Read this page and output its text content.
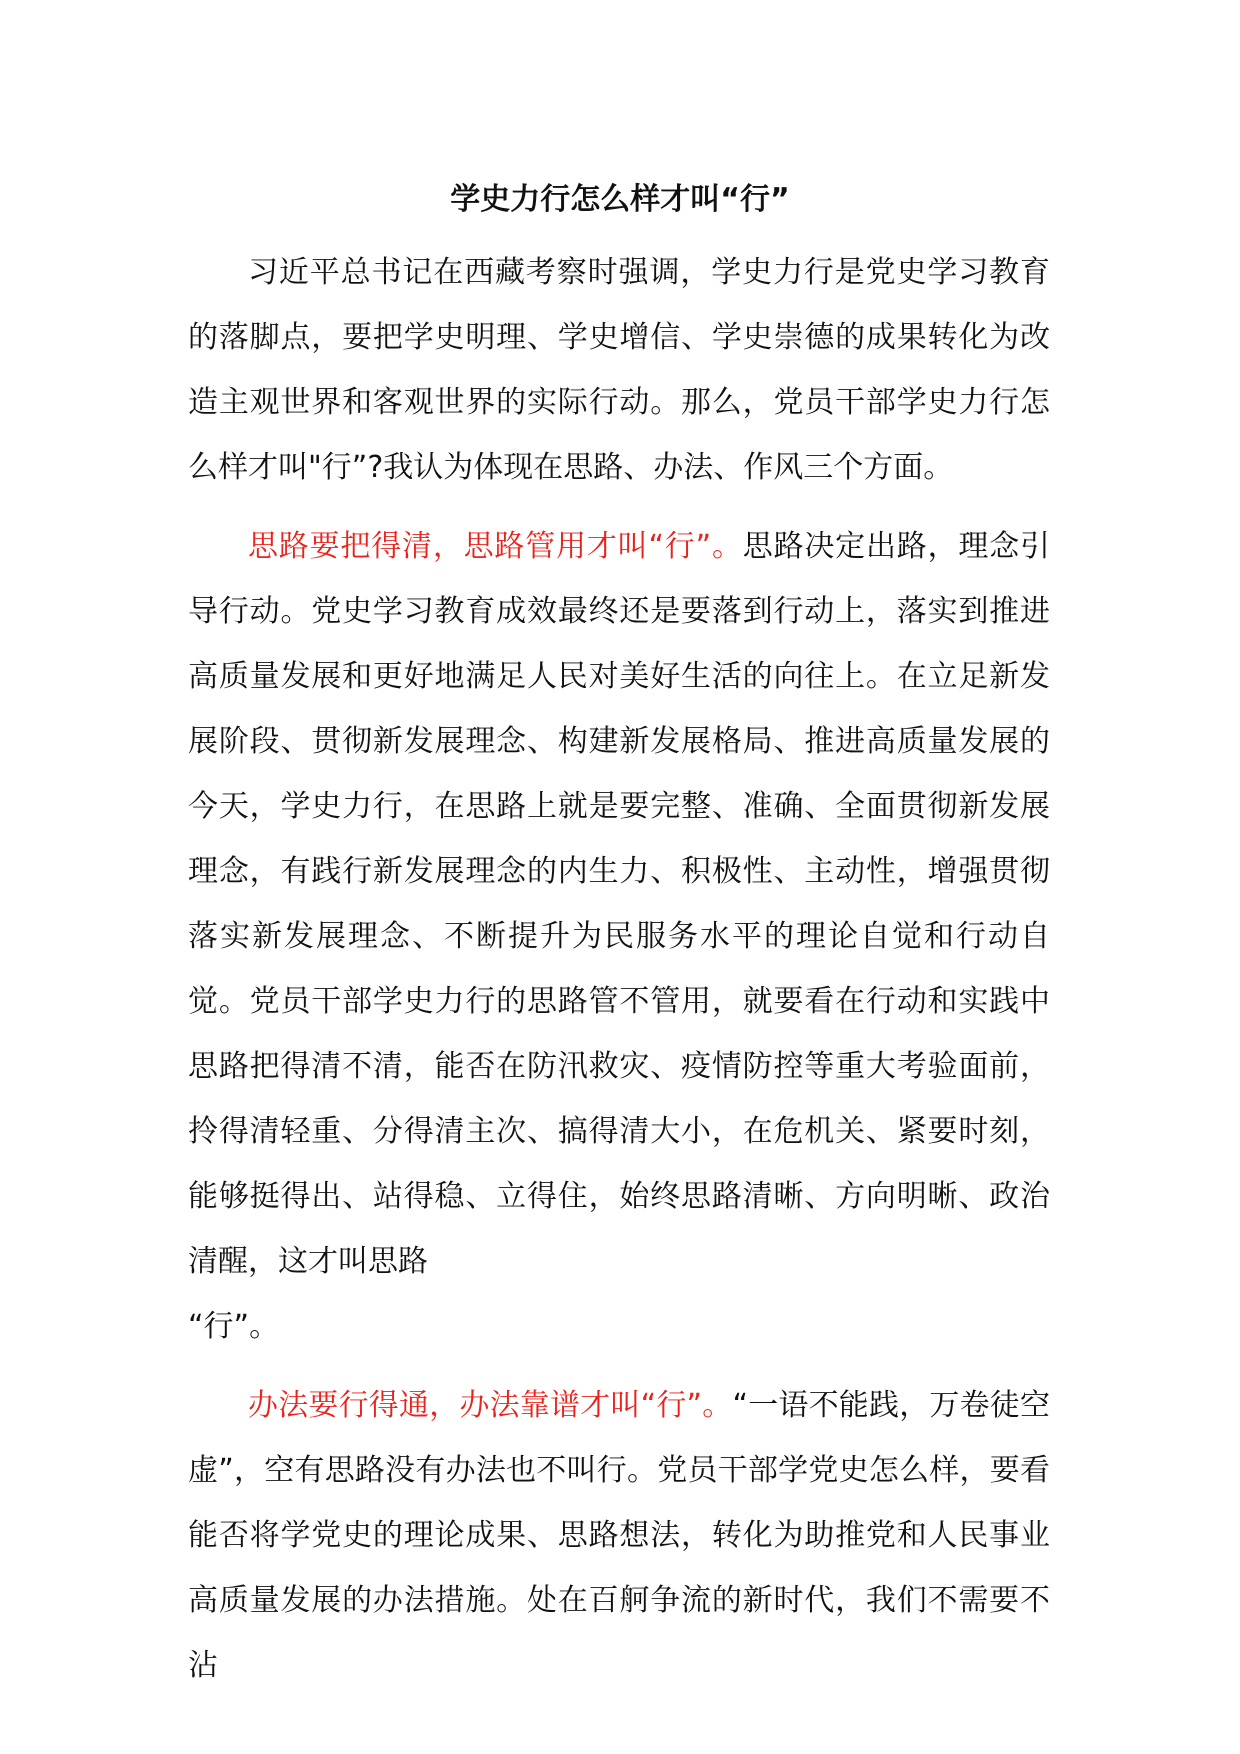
学史力行怎么样才叫“行”

习近平总书记在西藏考察时强调，学史力行是党史学习教育的落脚点，要把学史明理、学史增信、学史崇德的成果转化为改造主观世界和客观世界的实际行动。那么，党员干部学史力行怎么样才叫"行”?我认为体现在思路、办法、作风三个方面。

思路要把得清，思路管用才叫“行”。思路决定出路，理念引导行动。党史学习教育成效最终还是要落到行动上，落实到推进高质量发展和更好地满足人民对美好生活的向往上。在立足新发展阶段、贯彻新发展理念、构建新发展格局、推进高质量发展的今天，学史力行，在思路上就是要完整、准确、全面贯彻新发展理念，有践行新发展理念的内生力、积极性、主动性，增强贯彻落实新发展理念、不断提升为民服务水平的理论自觉和行动自觉。党员干部学史力行的思路管不管用，就要看在行动和实践中思路把得清不清，能否在防汛救灾、疫情防控等重大考验面前，拎得清轻重、分得清主次、搞得清大小，在危机关、紧要时刻，能够挺得出、站得稳、立得住，始终思路清晰、方向明晰、政治清醒，这才叫思路
“行”。

办法要行得通，办法靠谱才叫“行”。“一语不能践，万卷徒空虚”，空有思路没有办法也不叫行。党员干部学党史怎么样，要看能否将学党史的理论成果、思路想法，转化为助推党和人民事业高质量发展的办法措施。处在百舸争流的新时代，我们不需要不沾
